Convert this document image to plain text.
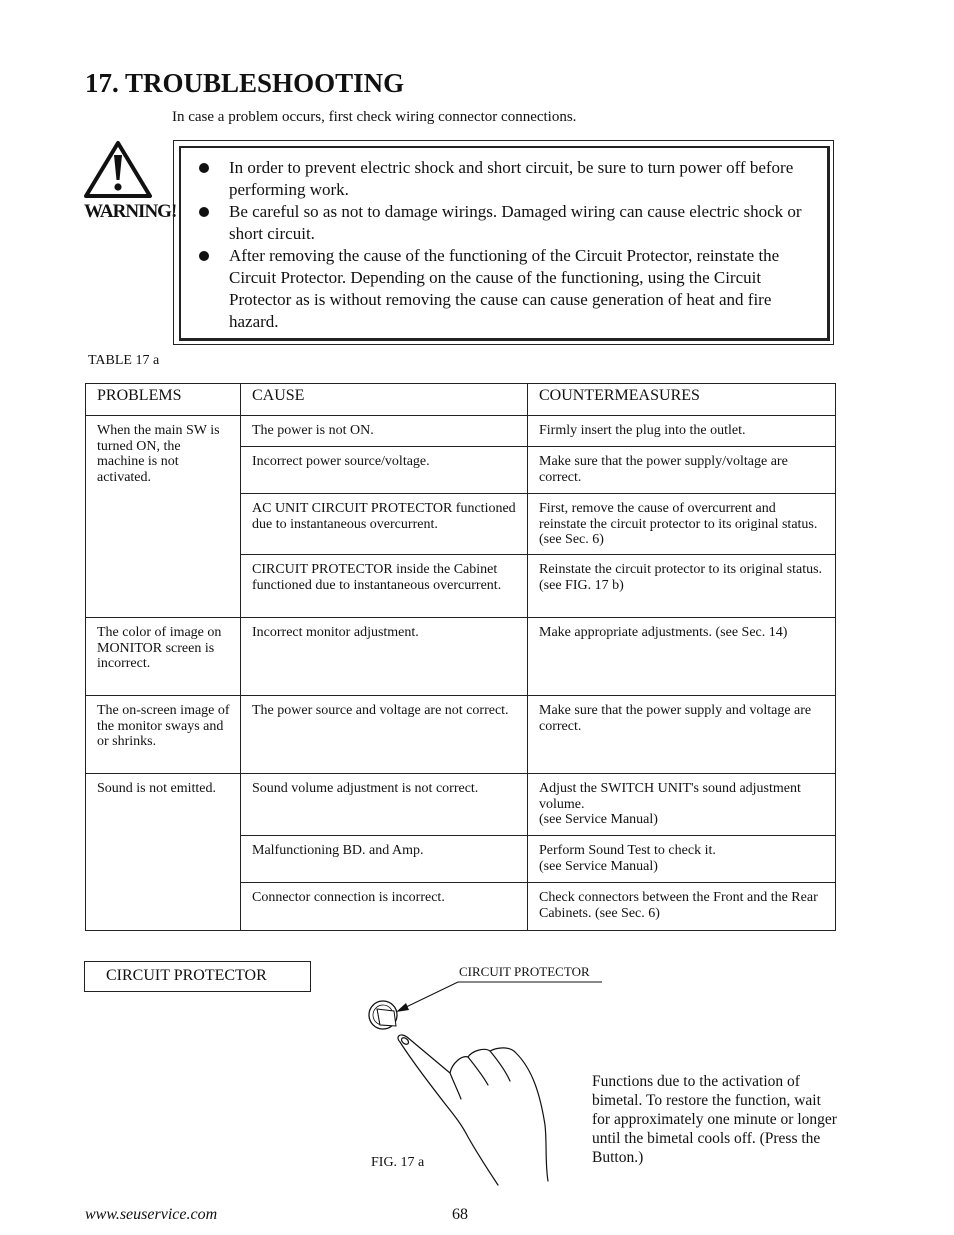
17. TROUBLESHOOTING
In case a problem occurs, first check wiring connector connections.
WARNING!
In order to prevent electric shock and short circuit, be sure to turn power off before performing work.
Be careful so as not to damage wirings. Damaged wiring can cause electric shock or short circuit.
After removing the cause of the functioning of the Circuit Protector, reinstate the Circuit Protector. Depending on the cause of the functioning, using the Circuit Protector as is without removing the cause can cause generation of heat and fire hazard.
TABLE 17 a
PROBLEMS	CAUSE	COUNTERMEASURES
When the main SW is turned ON, the machine is not activated.	The power is not ON.	Firmly insert the plug into the outlet.
	Incorrect power source/voltage.	Make sure that the power supply/voltage are correct.
	AC UNIT CIRCUIT PROTECTOR functioned due to instantaneous overcurrent.	First, remove the cause of overcurrent and reinstate the circuit protector to its original status. (see Sec. 6)
	CIRCUIT PROTECTOR inside the Cabinet functioned due to instantaneous overcurrent.	Reinstate the circuit protector to its original status. (see FIG. 17 b)
The color of image on MONITOR screen is incorrect.	Incorrect monitor adjustment.	Make appropriate adjustments. (see Sec. 14)
The on-screen image of the monitor sways and or shrinks.	The power source and voltage are not correct.	Make sure that the power supply and voltage are correct.
Sound is not emitted.	Sound volume adjustment is not correct.	Adjust the SWITCH UNIT's sound adjustment volume.
(see Service Manual)
	Malfunctioning BD. and Amp.	Perform Sound Test to check it.
(see Service Manual)
	Connector connection is incorrect.	Check connectors between the Front and the Rear Cabinets. (see Sec. 6)
CIRCUIT PROTECTOR	CIRCUIT PROTECTOR
FIG. 17 a
Functions due to the activation of bimetal. To restore the function, wait for approximately one minute or longer until the bimetal cools off. (Press the Button.)
www.seuservice.com	68
